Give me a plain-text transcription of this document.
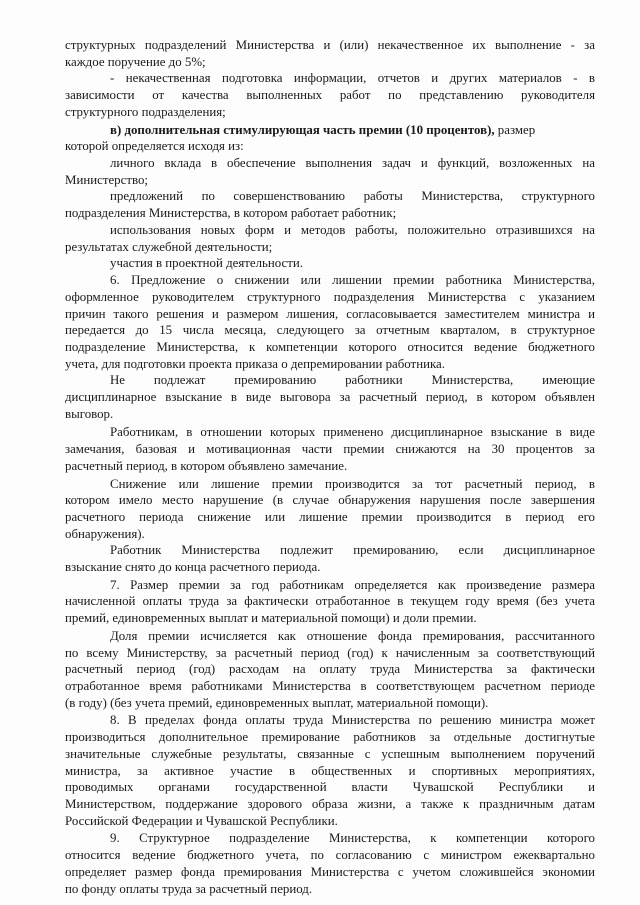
структурных подразделений Министерства и (или) некачественное их выполнение - за
каждое поручение до 5%;
- некачественная подготовка информации, отчетов и других материалов - в
зависимости от качества выполненных работ по представлению руководителя
структурного подразделения;
в) дополнительная стимулирующая часть премии (10 процентов), размер
которой определяется исходя из:
личного вклада в обеспечение выполнения задач и функций, возложенных на
Министерство;
предложений по совершенствованию работы Министерства, структурного
подразделения Министерства, в котором работает работник;
использования новых форм и методов работы, положительно отразившихся на
результатах служебной деятельности;
участия в проектной деятельности.
6. Предложение о снижении или лишении премии работника Министерства,
оформленное руководителем структурного подразделения Министерства с указанием
причин такого решения и размером лишения, согласовывается заместителем министра и
передается до 15 числа месяца, следующего за отчетным кварталом, в структурное
подразделение Министерства, к компетенции которого относится ведение бюджетного
учета, для подготовки проекта приказа о депремировании работника.
Не подлежат премированию работники Министерства, имеющие
дисциплинарное взыскание в виде выговора за расчетный период, в котором объявлен
выговор.
Работникам, в отношении которых применено дисциплинарное взыскание в виде
замечания, базовая и мотивационная части премии снижаются на 30 процентов за
расчетный период, в котором объявлено замечание.
Снижение или лишение премии производится за тот расчетный период, в
котором имело место нарушение (в случае обнаружения нарушения после завершения
расчетного периода снижение или лишение премии производится в период его
обнаружения).
Работник Министерства подлежит премированию, если дисциплинарное
взыскание снято до конца расчетного периода.
7. Размер премии за год работникам определяется как произведение размера
начисленной оплаты труда за фактически отработанное в текущем году время (без учета
премий, единовременных выплат и материальной помощи) и доли премии.
Доля премии исчисляется как отношение фонда премирования, рассчитанного
по всему Министерству, за расчетный период (год) к начисленным за соответствующий
расчетный период (год) расходам на оплату труда Министерства за фактически
отработанное время работниками Министерства в соответствующем расчетном периоде
(в году) (без учета премий, единовременных выплат, материальной помощи).
8. В пределах фонда оплаты труда Министерства по решению министра может
производиться дополнительное премирование работников за отдельные достигнутые
значительные служебные результаты, связанные с успешным выполнением поручений
министра, за активное участие в общественных и спортивных мероприятиях,
проводимых органами государственной власти Чувашской Республики и
Министерством, поддержание здорового образа жизни, а также к праздничным датам
Российской Федерации и Чувашской Республики.
9. Структурное подразделение Министерства, к компетенции которого
относится ведение бюджетного учета, по согласованию с министром ежеквартально
определяет размер фонда премирования Министерства с учетом сложившейся экономии
по фонду оплаты труда за расчетный период.
